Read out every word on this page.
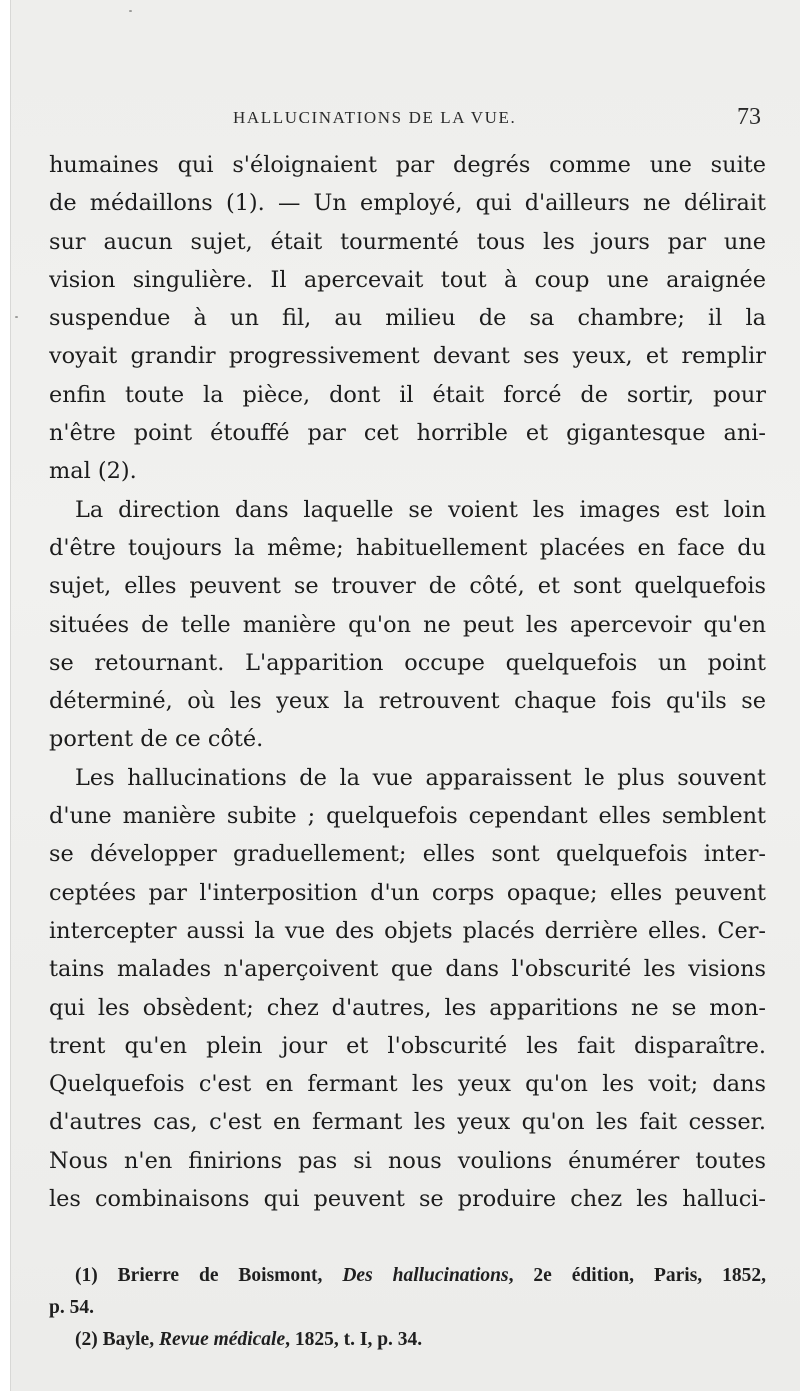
HALLUCINATIONS DE LA VUE.	73
humaines qui s'éloignaient par degrés comme une suite
de médaillons (1). — Un employé, qui d'ailleurs ne délirait
sur aucun sujet, était tourmenté tous les jours par une
vision singulière. Il apercevait tout à coup une araignée
suspendue à un fil, au milieu de sa chambre; il la
voyait grandir progressivement devant ses yeux, et remplir
enfin toute la pièce, dont il était forcé de sortir, pour
n'être point étouffé par cet horrible et gigantesque ani-
mal (2).
La direction dans laquelle se voient les images est loin
d'être toujours la même; habituellement placées en face du
sujet, elles peuvent se trouver de côté, et sont quelquefois
situées de telle manière qu'on ne peut les apercevoir qu'en
se retournant. L'apparition occupe quelquefois un point
déterminé, où les yeux la retrouvent chaque fois qu'ils se
portent de ce côté.
Les hallucinations de la vue apparaissent le plus souvent
d'une manière subite ; quelquefois cependant elles semblent
se développer graduellement; elles sont quelquefois inter-
ceptées par l'interposition d'un corps opaque; elles peuvent
intercepter aussi la vue des objets placés derrière elles. Cer-
tains malades n'aperçoivent que dans l'obscurité les visions
qui les obsèdent; chez d'autres, les apparitions ne se mon-
trent qu'en plein jour et l'obscurité les fait disparaître.
Quelquefois c'est en fermant les yeux qu'on les voit; dans
d'autres cas, c'est en fermant les yeux qu'on les fait cesser.
Nous n'en finirions pas si nous voulions énumérer toutes
les combinaisons qui peuvent se produire chez les halluci-
(1) Brierre de Boismont, Des hallucinations, 2e édition, Paris, 1852,
p. 54.
(2) Bayle, Revue médicale, 1825, t. I, p. 34.
